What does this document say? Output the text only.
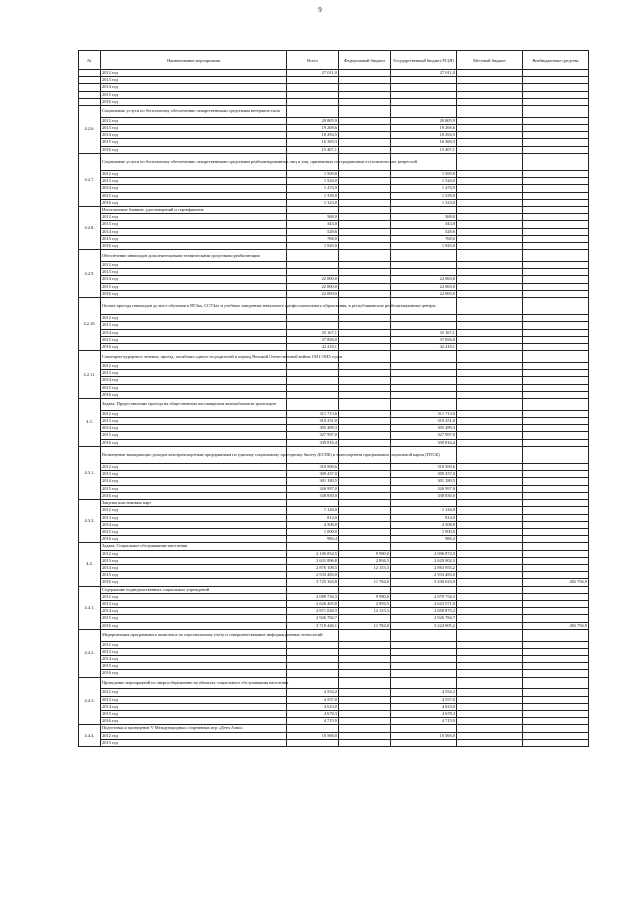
9
№	Наименование мероприятия	Всего	Федеральный бюджет	Государственный бюджет РС(Я)	Местный бюджет	Внебюджетные средства
	2012 год	27 011,0		27 011,0		
	2013 год					
	2014 год					
	2015 год					
	2016 год					
4.2.6.	Социальные услуги по бесплатному обеспечению лекарственными средствами ветеранов тыла					
	2012 год	20 805,9		20 805,9		
	2013 год	19 268,6		19 268,6		
	2014 год	18 294,5		18 294,5		
	2015 год	16 369,3		16 369,3		
	2016 год	15 407,1		15 407,1		
4.2.7.	Социальные услуги по бесплатному обеспечению лекарственными средствами реабилитированных лиц и лиц, признанных пострадавшими от политических репрессий					
	2012 год	1 569,8		1 569,8		
	2013 год	1 544,0		1 544,0		
	2014 год	1 474,9		1 474,9		
	2015 год	1 339,0		1 339,0		
	2016 год	1 323,0		1 323,0		
4.2.8.	Изготовление бланков, удостоверений и сертификатов					
	2012 год	568,0		568,0		
	2013 год	343,0		343,0		
	2014 год	528,6		528,6		
	2015 год	768,0		768,0		
	2016 год	1 945,0		1 945,0		
4.2.9.	Обеспечение инвалидов дополнительными техническими средствами реабилитации					
	2012 год					
	2013 год					
	2014 год	22 000,0		22 000,0		
	2015 год	22 000,0		22 000,0		
	2016 год	22 000,0		22 000,0		
4.2.10.	Оплата проезда инвалидов до мест обучения в ВУЗах, ССУЗах и учебных заведениях начального профессионального образования, в республиканские реабилитационные центры					
	2012 год					
	2013 год					
	2014 год	35 167,1		35 167,1		
	2015 год	37 856,0		37 856,0		
	2016 год	42 418,1		42 418,1		
4.2.11.	Санаторно-курортное лечение, проезд, погибших одного из родителей в период Великой Отечественной войны 1941-1945 годов					
	2012 год					
	2013 год					
	2014 год					
	2015 год					
	2016 год					
4.3.	Задача: Предоставление проезда на общественном пассажирском автомобильном транспорте					
	2012 год	311 713,6		311 713,6		
	2013 год	310 251,0		310 251,0		
	2014 год	305 489,3		305 489,3		
	2015 год	327 997,0		327 997,0		
	2016 год	339 816,4		339 816,4		
4.3.1.	Возмещение выпадающих доходов автотранспортным предприятиям по единому социальному проездному билету (ЕСПБ) в транспортном программном социальной карты (ПТСК)					
	2012 год	310 569,6		310 569,6		
	2013 год	309 437,0		309 437,0		
	2014 год	301 180,5		301 180,5		
	2015 год	326 997,0		326 997,0		
	2016 год	338 830,0		338 830,0		
4.3.2.	Закупка пластиковых карт					
	2012 год	1 144,0		1 144,0		
	2013 год	814,0		814,0		
	2014 год	4 308,8		4 308,8		
	2015 год	1 000,0		1 000,0		
	2016 год	986,4		986,4		
4.4.	Задача: Социальное обслуживание населения					
	2012 год	2 106 854,5	9 980,0	2 096 874,5		
	2013 год	2 631 896,8	2 894,5	2 629 002,3		
	2014 год	2 876 108,5	12 153,3	2 863 955,2		
	2015 год	2 933 483,0		2 933 483,0		
	2016 год	3 725 163,8	11 784,0	3 230 623,9		482 756,9
4.4.1.	Содержание подведомственных социальных учреждений					
	2012 год	2 089 734,3	9 980,0	2 079 754,3		
	2013 год	2 626 465,8	2 894,5	2 623 571,0		
	2014 год	2 871 028,3	12 153,3	2 858 875,2		
	2015 год	2 926 784,7		2 926 784,7		
	2016 год	3 719 446,1	11 784,0	3 224 905,2		482 756,9
4.4.2.	Модернизация программного комплекса по персональному учету и совершенствование информационных технологий					
	2012 год					
	2013 год					
	2014 год					
	2015 год					
	2016 год					
4.4.3.	Проведение мероприятий по энергосбережению на объектах социального обслуживания населения					
	2012 год	4 554,2		4 554,2		
	2013 год	4 557,0		4 557,0		
	2014 год	4 623,0		4 623,0		
	2015 год	4 678,3		4 678,3		
	2016 год	4 715,9		4 715,9		
4.4.4.	Подготовка и проведение V Международных спортивных игр «Дети Азии»					
	2012 год	10 566,0		10 566,0		
	2013 год					
